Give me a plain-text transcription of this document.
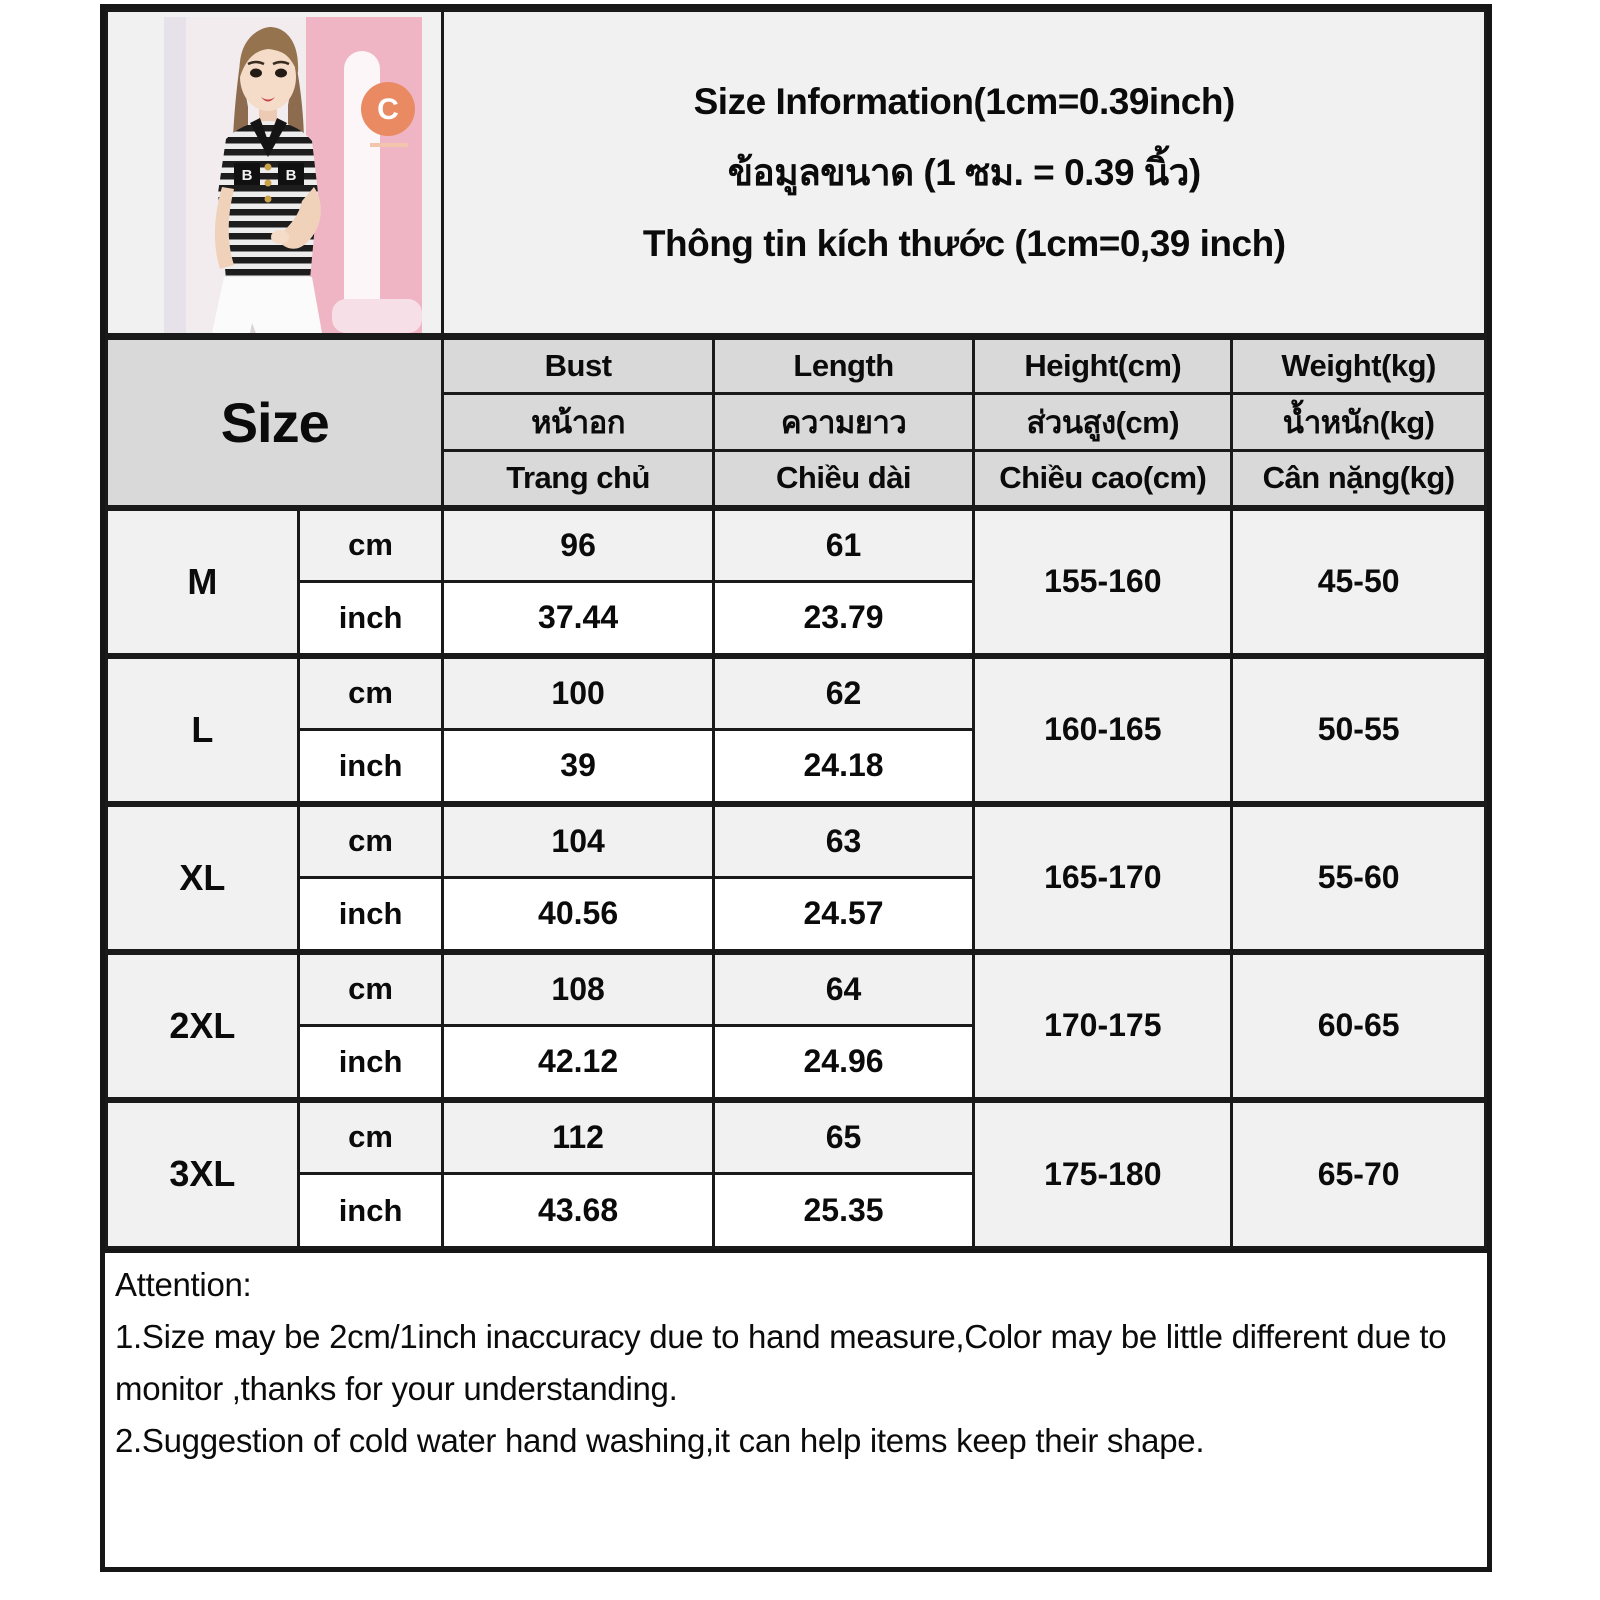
C
B B

Size Information(1cm=0.39inch)
ข้อมูลขนาด (1 ซม. = 0.39 นิ้ว)
Thông tin kích thước (1cm=0,39 inch)

Size		Bust	Length	Height(cm)	Weight(kg)
		หน้าอก	ความยาว	ส่วนสูง(cm)	น้ำหนัก(kg)
		Trang chủ	Chiều dài	Chiều cao(cm)	Cân nặng(kg)
M	cm	96	61	155-160	45-50
	inch	37.44	23.79		
L	cm	100	62	160-165	50-55
	inch	39	24.18		
XL	cm	104	63	165-170	55-60
	inch	40.56	24.57		
2XL	cm	108	64	170-175	60-65
	inch	42.12	24.96		
3XL	cm	112	65	175-180	65-70
	inch	43.68	25.35		
Attention:
1.Size may be 2cm/1inch inaccuracy due to hand measure,Color may be little different due to monitor ,thanks for your understanding.
2.Suggestion of cold water hand washing,it can help items keep their shape.
